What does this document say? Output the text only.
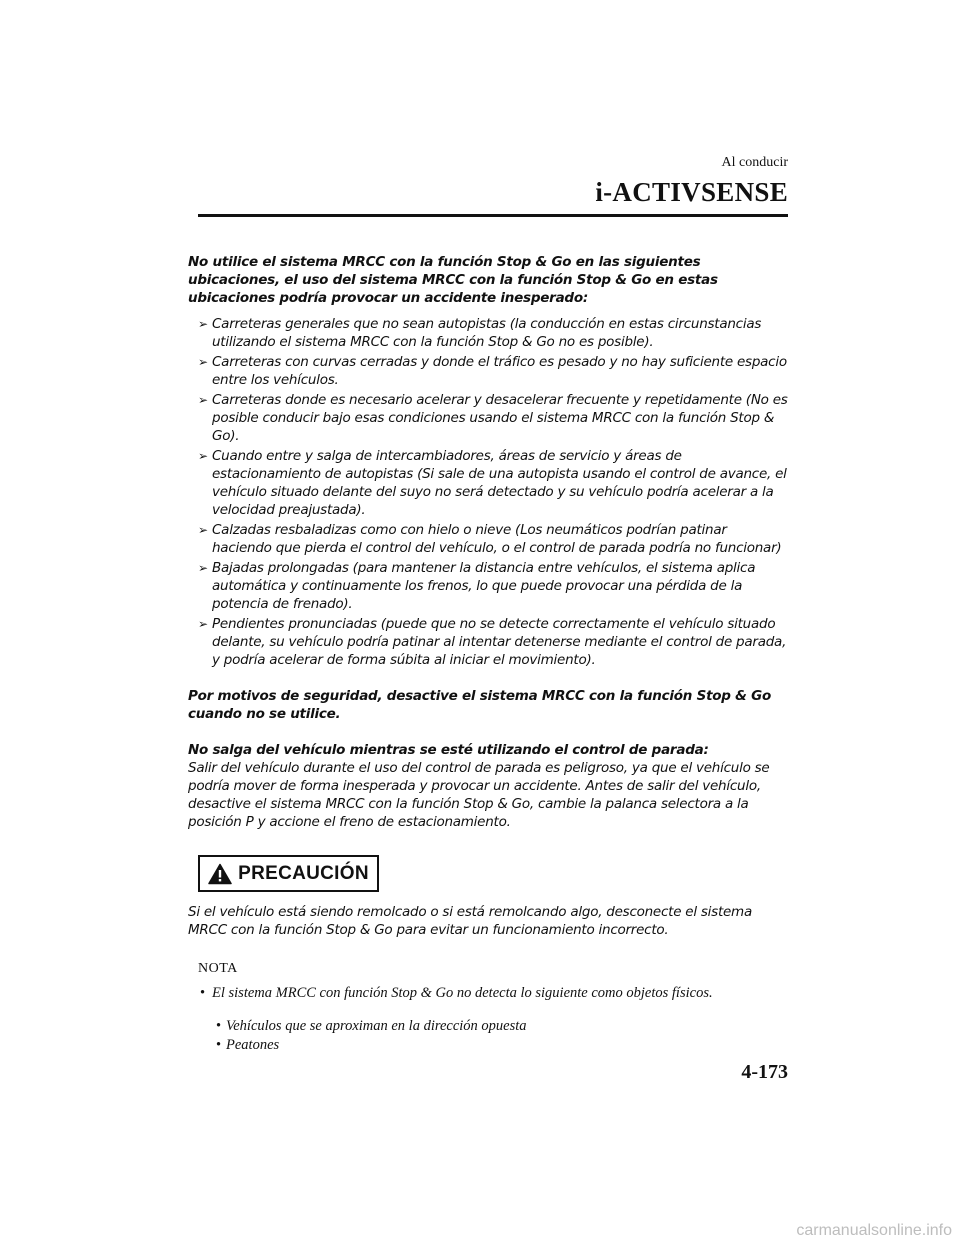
Al conducir
i-ACTIVSENSE

No utilice el sistema MRCC con la función Stop & Go en las siguientes ubicaciones, el uso del sistema MRCC con la función Stop & Go en estas ubicaciones podría provocar un accidente inesperado:

➢ Carreteras generales que no sean autopistas (la conducción en estas circunstancias utilizando el sistema MRCC con la función Stop & Go no es posible).
➢ Carreteras con curvas cerradas y donde el tráfico es pesado y no hay suficiente espacio entre los vehículos.
➢ Carreteras donde es necesario acelerar y desacelerar frecuente y repetidamente (No es posible conducir bajo esas condiciones usando el sistema MRCC con la función Stop & Go).
➢ Cuando entre y salga de intercambiadores, áreas de servicio y áreas de estacionamiento de autopistas (Si sale de una autopista usando el control de avance, el vehículo situado delante del suyo no será detectado y su vehículo podría acelerar a la velocidad preajustada).
➢ Calzadas resbaladizas como con hielo o nieve (Los neumáticos podrían patinar haciendo que pierda el control del vehículo, o el control de parada podría no funcionar)
➢ Bajadas prolongadas (para mantener la distancia entre vehículos, el sistema aplica automática y continuamente los frenos, lo que puede provocar una pérdida de la potencia de frenado).
➢ Pendientes pronunciadas (puede que no se detecte correctamente el vehículo situado delante, su vehículo podría patinar al intentar detenerse mediante el control de parada, y podría acelerar de forma súbita al iniciar el movimiento).

Por motivos de seguridad, desactive el sistema MRCC con la función Stop & Go cuando no se utilice.

No salga del vehículo mientras se esté utilizando el control de parada:

Salir del vehículo durante el uso del control de parada es peligroso, ya que el vehículo se podría mover de forma inesperada y provocar un accidente. Antes de salir del vehículo, desactive el sistema MRCC con la función Stop & Go, cambie la palanca selectora a la posición P y accione el freno de estacionamiento.

PRECAUCIÓN
Si el vehículo está siendo remolcado o si está remolcando algo, desconecte el sistema MRCC con la función Stop & Go para evitar un funcionamiento incorrecto.
NOTA
• El sistema MRCC con función Stop & Go no detecta lo siguiente como objetos físicos.
• Vehículos que se aproximan en la dirección opuesta
• Peatones
4-173
carmanualsonline.info
